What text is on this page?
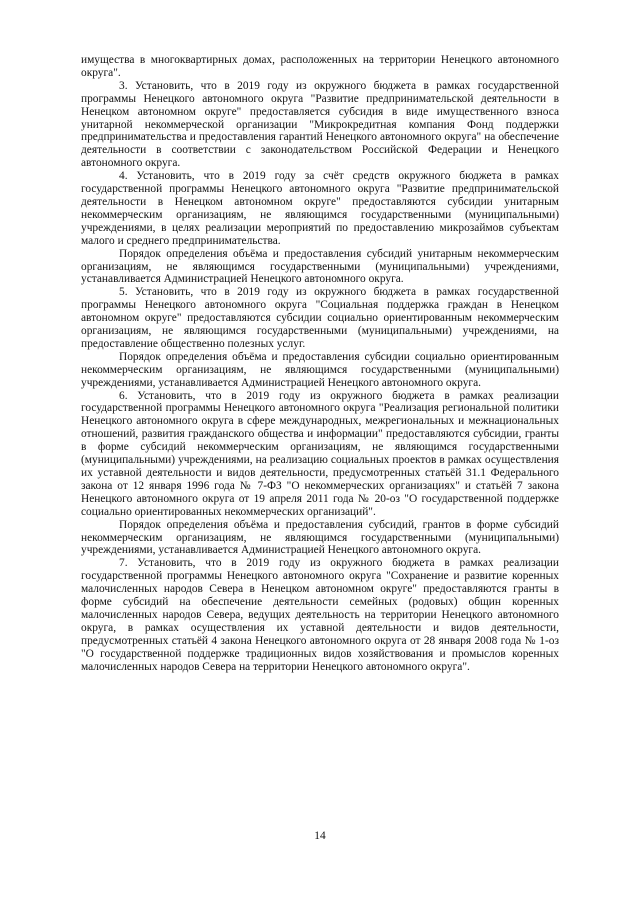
имущества в многоквартирных домах, расположенных на территории Ненецкого автономного округа".

3. Установить, что в 2019 году из окружного бюджета в рамках государственной программы Ненецкого автономного округа "Развитие предпринимательской деятельности в Ненецком автономном округе" предоставляется субсидия в виде имущественного взноса унитарной некоммерческой организации "Микрокредитная компания Фонд поддержки предпринимательства и предоставления гарантий Ненецкого автономного округа" на обеспечение деятельности в соответствии с законодательством Российской Федерации и Ненецкого автономного округа.

4. Установить, что в 2019 году за счёт средств окружного бюджета в рамках государственной программы Ненецкого автономного округа "Развитие предпринимательской деятельности в Ненецком автономном округе" предоставляются субсидии унитарным некоммерческим организациям, не являющимся государственными (муниципальными) учреждениями, в целях реализации мероприятий по предоставлению микрозаймов субъектам малого и среднего предпринимательства.

Порядок определения объёма и предоставления субсидий унитарным некоммерческим организациям, не являющимся государственными (муниципальными) учреждениями, устанавливается Администрацией Ненецкого автономного округа.

5. Установить, что в 2019 году из окружного бюджета в рамках государственной программы Ненецкого автономного округа "Социальная поддержка граждан в Ненецком автономном округе" предоставляются субсидии социально ориентированным некоммерческим организациям, не являющимся государственными (муниципальными) учреждениями, на предоставление общественно полезных услуг.

Порядок определения объёма и предоставления субсидии социально ориентированным некоммерческим организациям, не являющимся государственными (муниципальными) учреждениями, устанавливается Администрацией Ненецкого автономного округа.

6. Установить, что в 2019 году из окружного бюджета в рамках реализации государственной программы Ненецкого автономного округа "Реализация региональной политики Ненецкого автономного округа в сфере международных, межрегиональных и межнациональных отношений, развития гражданского общества и информации" предоставляются субсидии, гранты в форме субсидий некоммерческим организациям, не являющимся государственными (муниципальными) учреждениями, на реализацию социальных проектов в рамках осуществления их уставной деятельности и видов деятельности, предусмотренных статьёй 31.1 Федерального закона от 12 января 1996 года № 7-ФЗ "О некоммерческих организациях" и статьёй 7 закона Ненецкого автономного округа от 19 апреля 2011 года № 20-оз "О государственной поддержке социально ориентированных некоммерческих организаций".

Порядок определения объёма и предоставления субсидий, грантов в форме субсидий некоммерческим организациям, не являющимся государственными (муниципальными) учреждениями, устанавливается Администрацией Ненецкого автономного округа.

7. Установить, что в 2019 году из окружного бюджета в рамках реализации государственной программы Ненецкого автономного округа "Сохранение и развитие коренных малочисленных народов Севера в Ненецком автономном округе" предоставляются гранты в форме субсидий на обеспечение деятельности семейных (родовых) общин коренных малочисленных народов Севера, ведущих деятельность на территории Ненецкого автономного округа, в рамках осуществления их уставной деятельности и видов деятельности, предусмотренных статьёй 4 закона Ненецкого автономного округа от 28 января 2008 года № 1-оз "О государственной поддержке традиционных видов хозяйствования и промыслов коренных малочисленных народов Севера на территории Ненецкого автономного округа".

14
